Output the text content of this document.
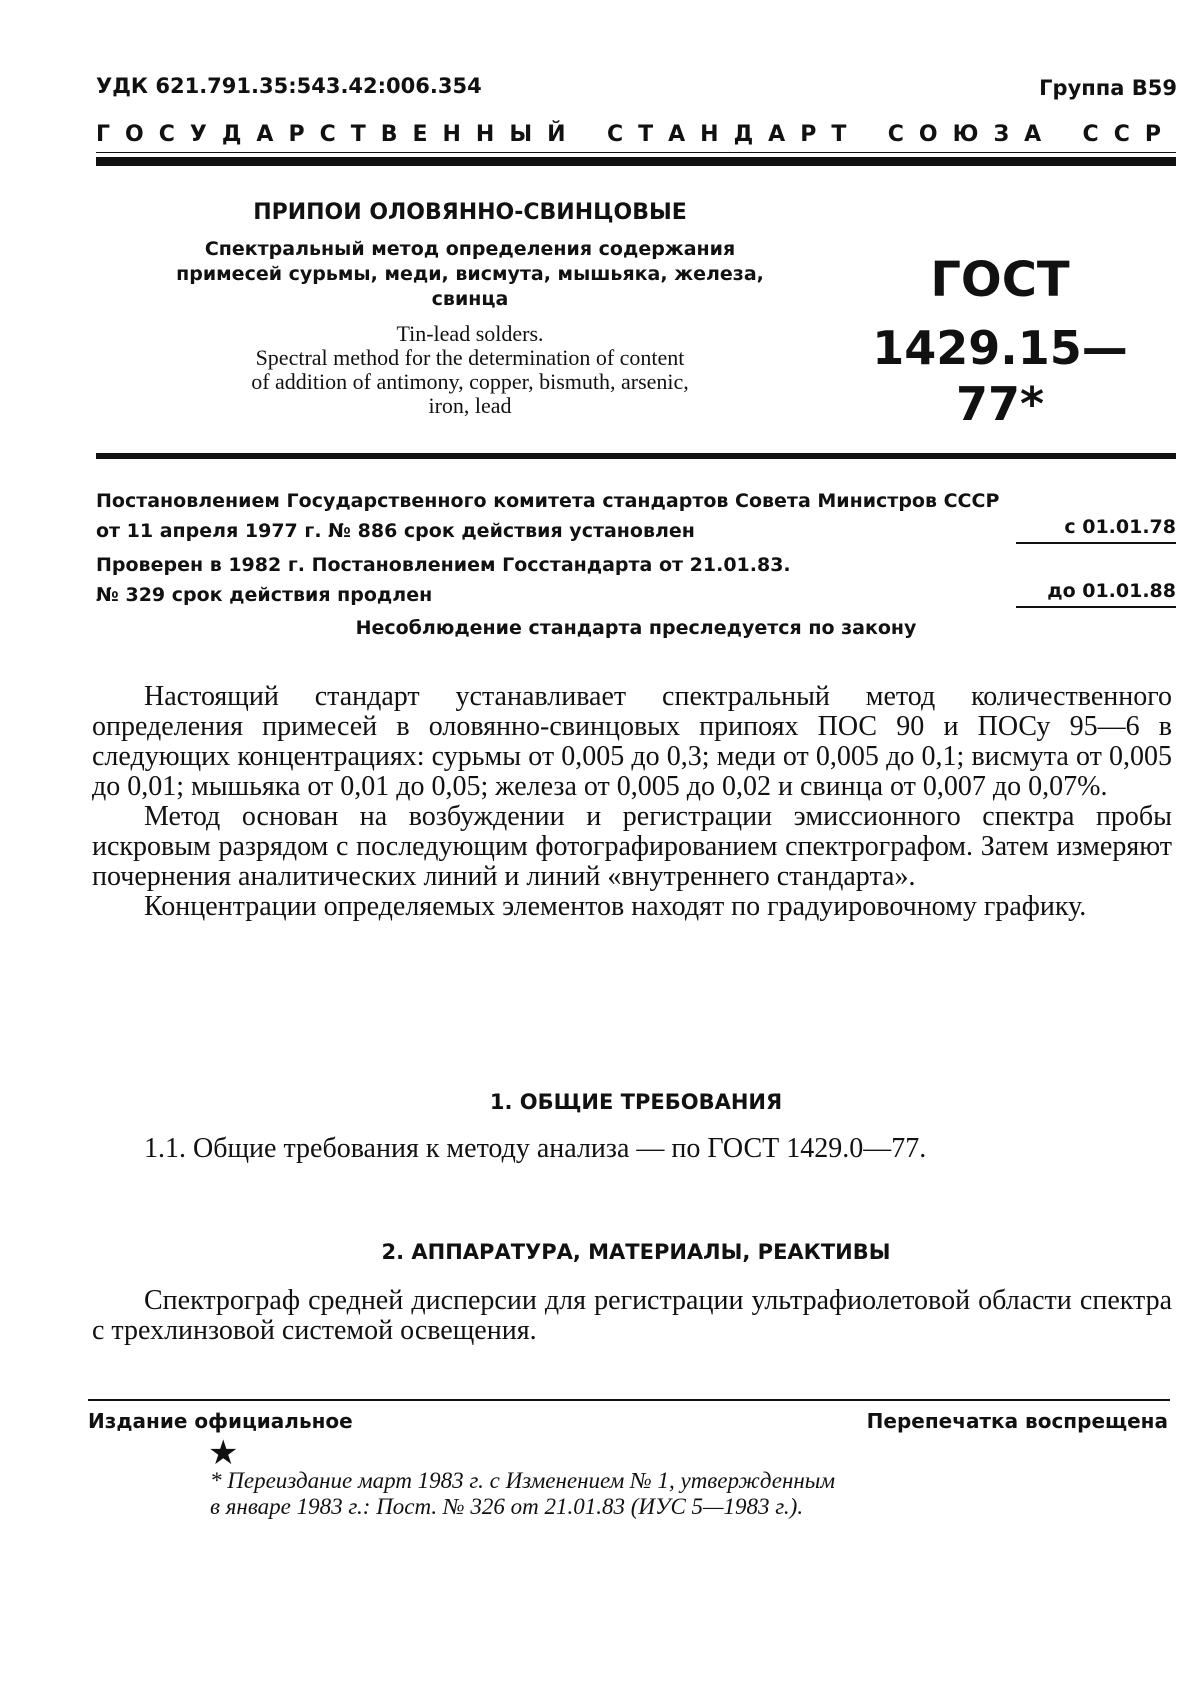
УДК 621.791.35:543.42:006.354	Группа В59
ГОСУДАРСТВЕННЫЙ СТАНДАРТ СОЮЗА ССР
ПРИПОИ ОЛОВЯННО-СВИНЦОВЫЕ
Спектральный метод определения содержания
примесей сурьмы, меди, висмута, мышьяка, железа,
свинца
Tin-lead solders.
Spectral method for the determination of content
of addition of antimony, copper, bismuth, arsenic,
iron, lead
ГОСТ
1429.15—77*
Постановлением Государственного комитета стандартов Совета Министров СССР
от 11 апреля 1977 г. № 886 срок действия установлен	с 01.01.78
Проверен в 1982 г. Постановлением Госстандарта от 21.01.83.
№ 329 срок действия продлен	до 01.01.88
Несоблюдение стандарта преследуется по закону

Настоящий стандарт устанавливает спектральный метод количественного определения примесей в оловянно-свинцовых припоях ПОС 90 и ПОСу 95—6 в следующих концентрациях: сурьмы от 0,005 до 0,3; меди от 0,005 до 0,1; висмута от 0,005 до 0,01; мышьяка от 0,01 до 0,05; железа от 0,005 до 0,02 и свинца от 0,007 до 0,07%.

Метод основан на возбуждении и регистрации эмиссионного спектра пробы искровым разрядом с последующим фотографированием спектрографом. Затем измеряют почернения аналитических линий и линий «внутреннего стандарта».

Концентрации определяемых элементов находят по градуировочному графику.

1. ОБЩИЕ ТРЕБОВАНИЯ

1.1. Общие требования к методу анализа — по ГОСТ 1429.0—77.

2. АППАРАТУРА, МАТЕРИАЛЫ, РЕАКТИВЫ

Спектрограф средней дисперсии для регистрации ультрафиолетовой области спектра с трехлинзовой системой освещения.

Издание официальное	Перепечатка воспрещена
★
* Переиздание март 1983 г. с Изменением № 1, утвержденным
в январе 1983 г.: Пост. № 326 от 21.01.83 (ИУС 5—1983 г.).
